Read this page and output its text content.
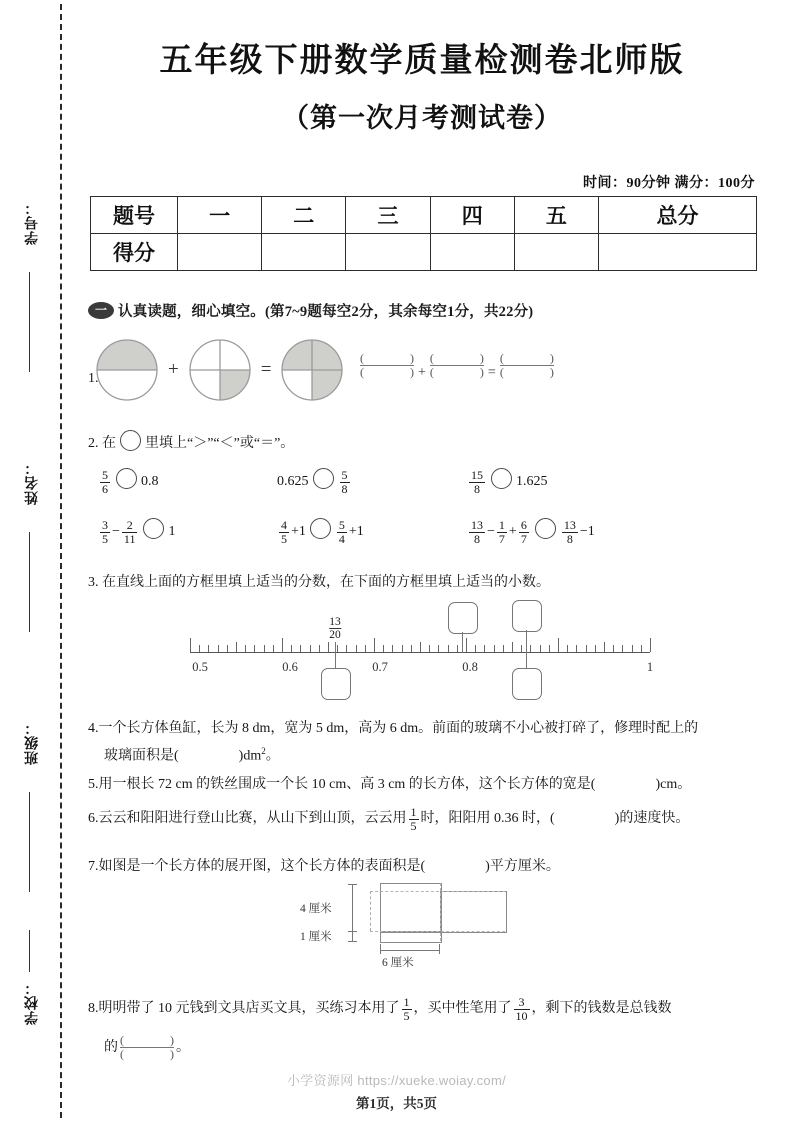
学号：
姓名：
班级：
学校：
五年级下册数学质量检测卷北师版
（第一次月考测试卷）
时间：90分钟 满分：100分
题号	一	二	三	四	五	总分
得分						
一 认真读题，细心填空。(第7~9题每空2分，其余每空1分，共22分)
1.	+	=
(	)
(	) +
(	)
(	) =
(	)
(	)
2. 在 里填上“＞”“＜”或“＝”。
$\frac{5}{6} 0.8$	0.625	$\frac{5}{8}$	$\frac{15}{8} 1.625$
$\frac{3}{5} - \frac{2}{11} 1$	$\frac{4}{5} +1$	$\frac{5}{4} +1$	$\frac{13}{8} - \frac{1}{7} + \frac{6}{7}$	$\frac{13}{8} -1$
3. 在直线上面的方框里填上适当的分数，在下面的方框里填上适当的小数。
0.5	0.6	0.7	0.8	1
$\frac{13}{20}$
4.一个长方体鱼缸，长为 8 dm，宽为 5 dm，高为 6 dm。前面的玻璃不小心被打碎了，修理时配上的
玻璃面积是(	)$dm^2$。
5.用一根长 72 cm 的铁丝围成一个长 10 cm、高 3 cm 的长方体，这个长方体的宽是(	)cm。
6.云云和阳阳进行登山比赛，从山下到山顶，云云用 $\frac{1}{5}$ 时，阳阳用 0.36 时，(	)的速度快。
7.如图是一个长方体的展开图，这个长方体的表面积是(	)平方厘米。
4 厘米
1 厘米
6 厘米
8.明明带了 10 元钱到文具店买文具，买练习本用了 $\frac{1}{5}$ ，买中性笔用了 $\frac{3}{10}$ ，剩下的钱数是总钱数
的 (	)
(	) 。
小学资源网 https://xueke.woiay.com/
第1页，共5页
